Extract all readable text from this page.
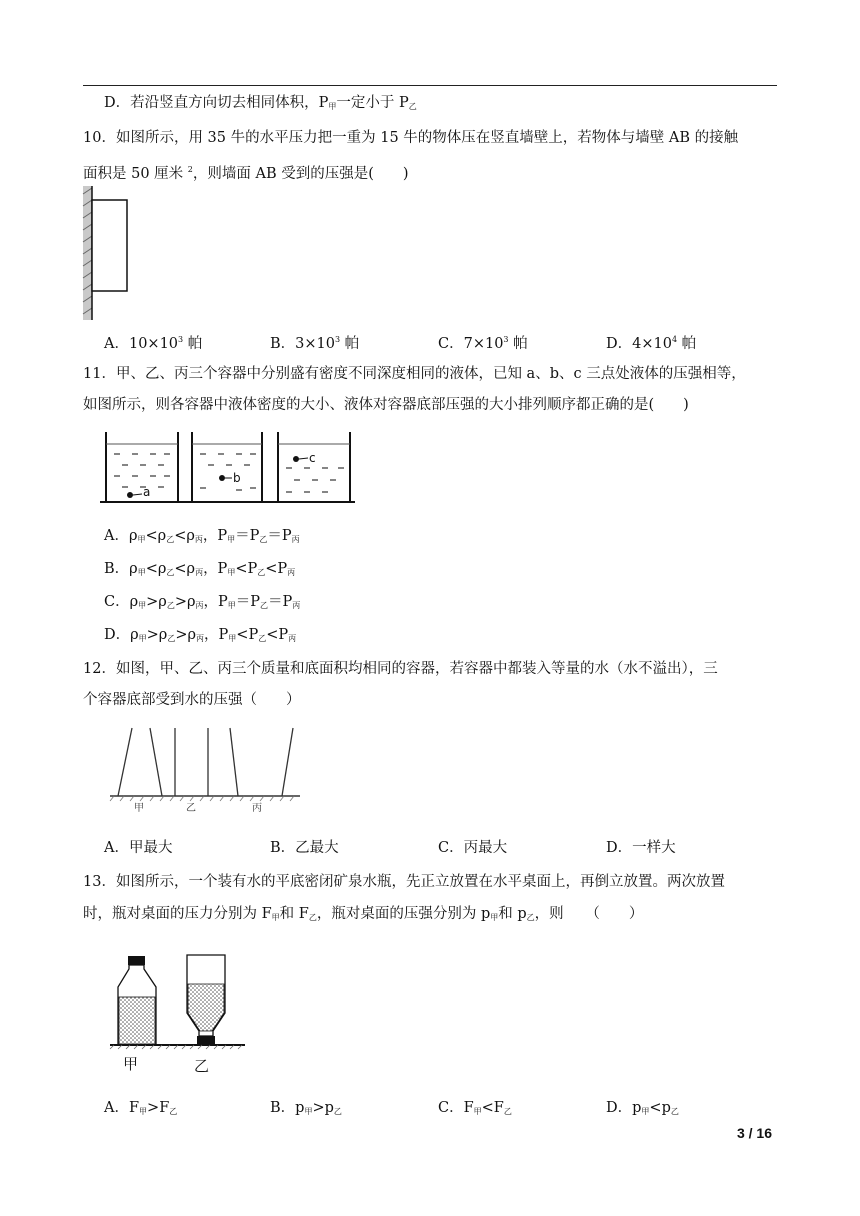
D．若沿竖直方向切去相同体积，$P_甲$一定小于 $P_乙$
10．如图所示，用 35 牛的水平压力把一重为 15 牛的物体压在竖直墙壁上，若物体与墙壁 AB 的接触
面积是 50 厘米 $^2$，则墙面 AB 受到的压强是(　　)
A．$10\times 10^3$ 帕	B．$3\times 10^3$ 帕	C．$7\times 10^3$ 帕	D．$4\times 10^4$ 帕
11．甲、乙、丙三个容器中分别盛有密度不同深度相同的液体，已知 a、b、c 三点处液体的压强相等，
如图所示，则各容器中液体密度的大小、液体对容器底部压强的大小排列顺序都正确的是(　　)
a
b
c
A．$\rho_甲<\rho_乙<\rho_丙$，$P_甲=P_乙=P_丙$
B．$\rho_甲<\rho_乙<\rho_丙$，$P_甲<P_乙<P_丙$
C．$\rho_甲>\rho_乙>\rho_丙$，$P_甲=P_乙=P_丙$
D．$\rho_甲>\rho_乙>\rho_丙$，$P_甲<P_乙<P_丙$
12．如图，甲、乙、丙三个质量和底面积均相同的容器，若容器中都装入等量的水（水不溢出），三
个容器底部受到水的压强（　　）
甲	乙	丙
A．甲最大	B．乙最大	C．丙最大	D．一样大
13．如图所示，一个装有水的平底密闭矿泉水瓶，先正立放置在水平桌面上，再倒立放置。两次放置
时，瓶对桌面的压力分别为 $F_甲$和 $F_乙$，瓶对桌面的压强分别为 $p_甲$和 $p_乙$，则　　（　　）
甲	乙
A．$F_甲>F_乙$	B．$p_甲>p_乙$	C．$F_甲<F_乙$	D．$p_甲<p_乙$
3 / 16
